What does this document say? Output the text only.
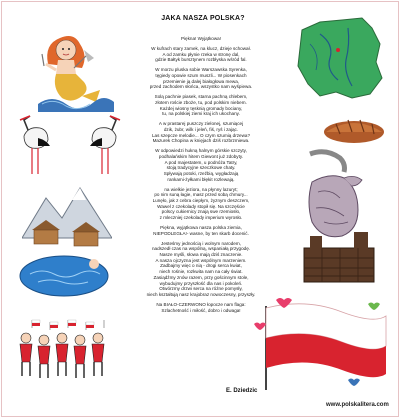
JAKA NASZA POLSKA?
Piękna! Wyjątkowa!
W kufrach stary zamek, na klucz, dzieje schował.
A od zamku płynie rzeka w stronę dal,
gdzie Bałtyk bursztynem rozbłyska wśród fal.
W morzu pluska sobie Warszawska Syrenka,
tęgiedy opowie szum muszli... W piosenkach
przemienie ją dalej białogłowa mewa,
przed zachodem słońca, wszystko nam wyśpiewa.
Solą pachnie piasek, starna pachną chlebem,
złotem roście zboże, tu, pod polskim niebem.
Każdej wiosny tęsknią gromady bociany,
tu, na polskiej ziemi kraj ich ukochany.
A w prastarej puszczy zielonej, szumiącej
dzik, żubr, wilk i jeleń, fiś, ryś i zając.
Las szepcze melodie... O czym szumią drzewa?
Mazurek Chopina w knięjach dziś rozbrzmiewa.
W odpowiedzi hukną halnym górskie szczyty,
podhalańskim hitem Giewont już zdobyty.
A pod majestatem, u podnóża Tatry,
stoją tradycyjne szeczkowe chaty.
Spływają potoki, rzeźbią, wygładzają
rankami-żyłkami błękit rozlewają.
na wielkie jeziora, na płynny lazuryt;
po nim suną łagie, masz przed sobą chmury...
Lunęło, jak z cebra ciepłym, żyznym deszczem,
Wawel z czekolady stopił się. Na szczęście
polscy cukiernicy znają swe rzemiosło,
z mleczniej czekolady imperium wyrosło.
Piękna, wyjątkowa nasza polska ziemia,
NIEPODLEGŁA!- wasne, by ten skarb docenić.
Jesteśmy jednością i wolnym narodem,
nadszedł czas na wspólną, wspaniałą przygodę.
Nasze myśli, słowa mają dziś znaczenie.
A nasza ojczyzna jest wspólnym marzeniem.
Zadbajmy więc o nią - drogi serca kwiat,
niech rośnie, rozkwita nam na cały świat.
Zasiądźmy znów razem, przy gościnnym stole,
wybudujmy przyszłość dla nas i pokoleń.
Otwórzmy drzwi serca na różne pomysły,
niech kształtują nasz krajobraz nowoczesny, przyszły.
Na BIAŁO-CZERWONO łopocze nam flaga:
Szlachetność i miłość, dobro i odwaga!
E. Dziedzic
www.polskalitera.com
